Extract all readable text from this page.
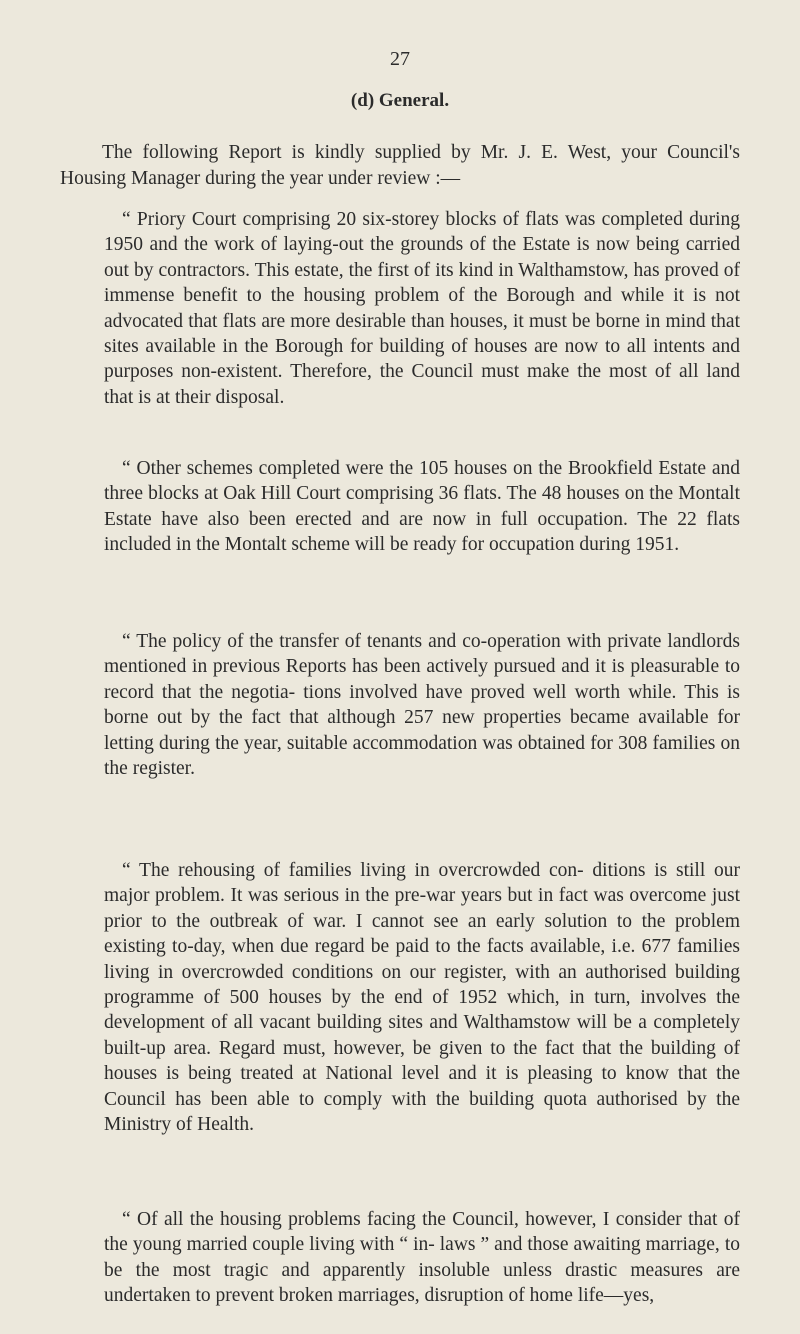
27
(d) General.

The following Report is kindly supplied by Mr. J. E. West, your Council's Housing Manager during the year under review :—

“ Priory Court comprising 20 six-storey blocks of flats was completed during 1950 and the work of laying-out the grounds of the Estate is now being carried out by contractors. This estate, the first of its kind in Walthamstow, has proved of immense benefit to the housing problem of the Borough and while it is not advocated that flats are more desirable than houses, it must be borne in mind that sites available in the Borough for building of houses are now to all intents and purposes non-existent. Therefore, the Council must make the most of all land that is at their disposal.

“ Other schemes completed were the 105 houses on the Brookfield Estate and three blocks at Oak Hill Court comprising 36 flats. The 48 houses on the Montalt Estate have also been erected and are now in full occupation. The 22 flats included in the Montalt scheme will be ready for occupation during 1951.

“ The policy of the transfer of tenants and co-operation with private landlords mentioned in previous Reports has been actively pursued and it is pleasurable to record that the negotia- tions involved have proved well worth while. This is borne out by the fact that although 257 new properties became available for letting during the year, suitable accommodation was obtained for 308 families on the register.

“ The rehousing of families living in overcrowded con- ditions is still our major problem. It was serious in the pre-war years but in fact was overcome just prior to the outbreak of war. I cannot see an early solution to the problem existing to-day, when due regard be paid to the facts available, i.e. 677 families living in overcrowded conditions on our register, with an authorised building programme of 500 houses by the end of 1952 which, in turn, involves the development of all vacant building sites and Walthamstow will be a completely built-up area. Regard must, however, be given to the fact that the building of houses is being treated at National level and it is pleasing to know that the Council has been able to comply with the building quota authorised by the Ministry of Health.

“ Of all the housing problems facing the Council, however, I consider that of the young married couple living with “ in- laws ” and those awaiting marriage, to be the most tragic and apparently insoluble unless drastic measures are undertaken to prevent broken marriages, disruption of home life—yes,
